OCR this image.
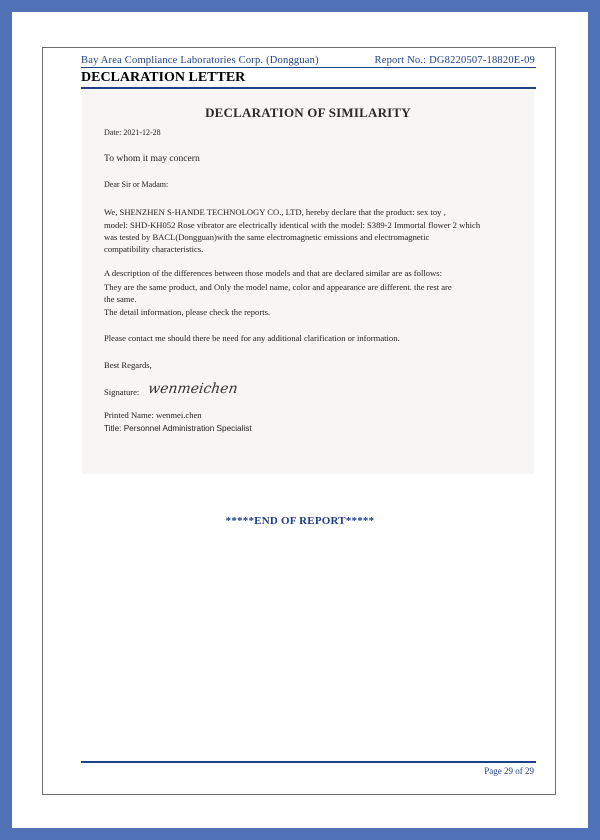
Bay Area Compliance Laboratories Corp. (Dongguan)	Report No.: DG8220507-18820E-09
DECLARATION LETTER
DECLARATION OF SIMILARITY
Date: 2021-12-28
To whom it may concern
Dear Sir or Madam:
We, SHENZHEN S-HANDE TECHNOLOGY CO., LTD, hereby declare that the product: sex toy ,
model: SHD-KH052 Rose vibrator are electrically identical with the model: S389-2 Immortal flower 2 which
was tested by BACL(Dongguan)with the same electromagnetic emissions and electromagnetic
compatibility characteristics.
A description of the differences between those models and that are declared similar are as follows:
They are the same product, and Only the model name, color and appearance are different. the rest are
the same.
The detail information, please check the reports.
Please contact me should there be need for any additional clarification or information.
Best Regards,
Signature: wenmeichen
Printed Name: wenmei.chen
Title: Personnel Administration Specialist
*****END OF REPORT*****
Page 29 of 29
